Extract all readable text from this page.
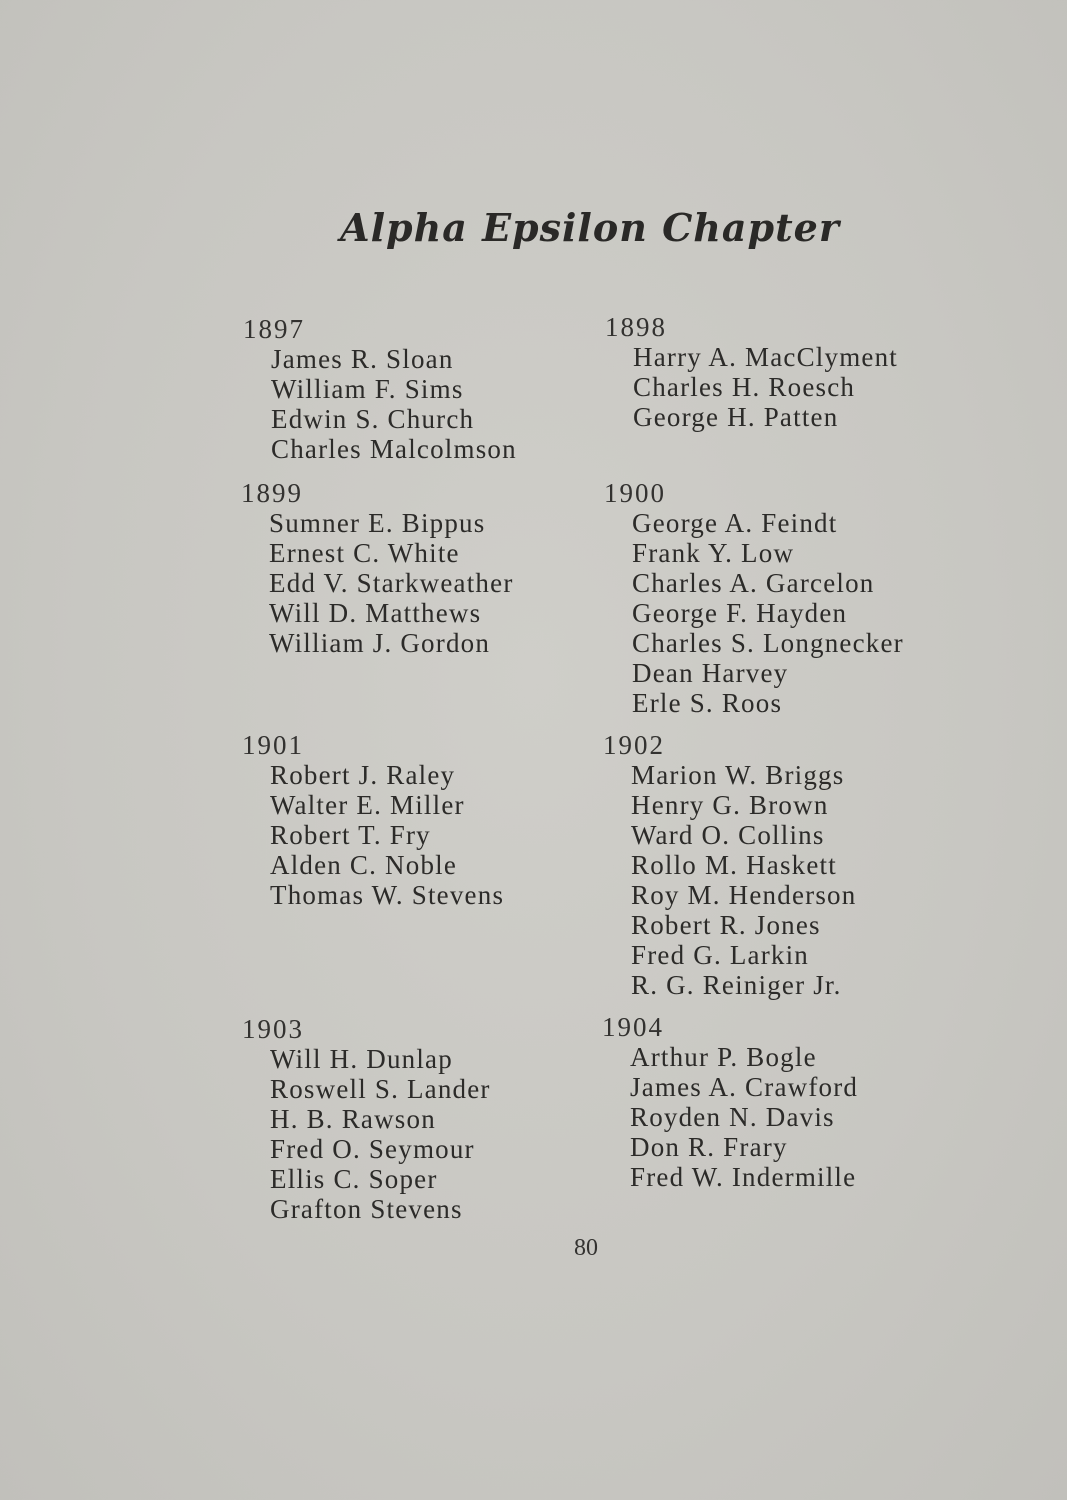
Alpha Epsilon Chapter
1897
James R. Sloan
William F. Sims
Edwin S. Church
Charles Malcolmson
1898
Harry A. MacClyment
Charles H. Roesch
George H. Patten
1899
Sumner E. Bippus
Ernest C. White
Edd V. Starkweather
Will D. Matthews
William J. Gordon
1900
George A. Feindt
Frank Y. Low
Charles A. Garcelon
George F. Hayden
Charles S. Longnecker
Dean Harvey
Erle S. Roos
1901
Robert J. Raley
Walter E. Miller
Robert T. Fry
Alden C. Noble
Thomas W. Stevens
1902
Marion W. Briggs
Henry G. Brown
Ward O. Collins
Rollo M. Haskett
Roy M. Henderson
Robert R. Jones
Fred G. Larkin
R. G. Reiniger Jr.
1903
Will H. Dunlap
Roswell S. Lander
H. B. Rawson
Fred O. Seymour
Ellis C. Soper
Grafton Stevens
1904
Arthur P. Bogle
James A. Crawford
Royden N. Davis
Don R. Frary
Fred W. Indermille
80
